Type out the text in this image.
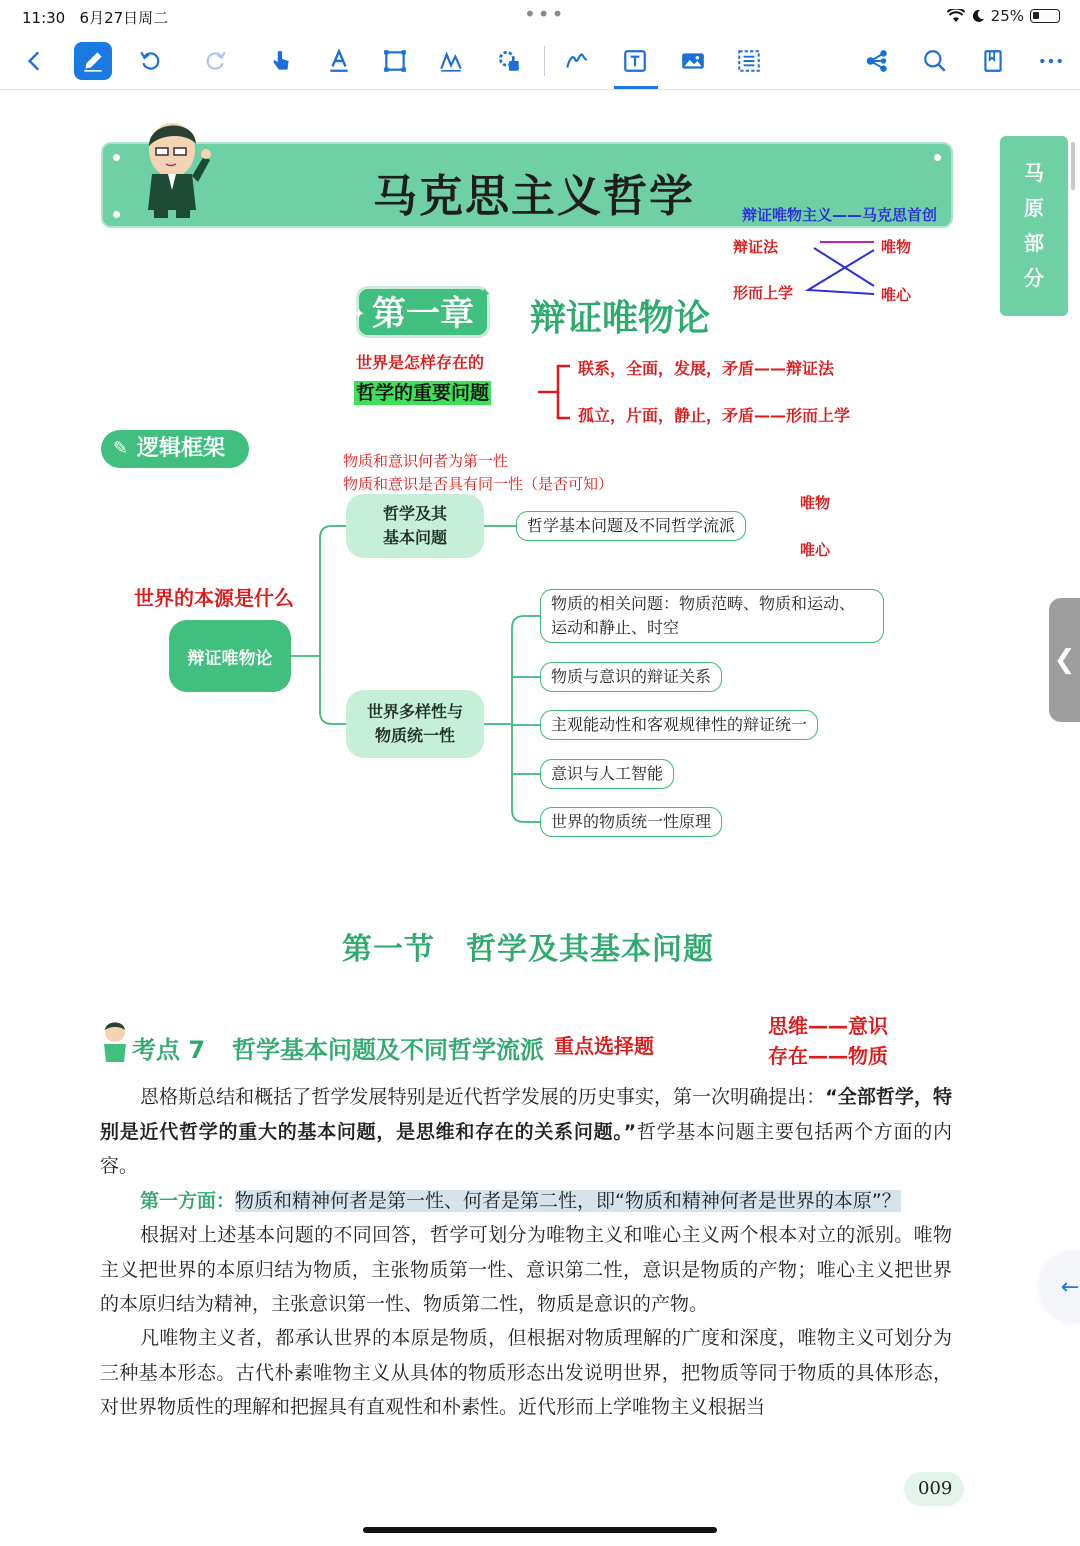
11:30 6月27日周二	•••	25%
马克思主义哲学	马
原
部
分
辩证唯物主义——马克思首创
辩证法
形而上学
唯物
唯心
第一章
✦
✦
辩证唯物论
世界是怎样存在的
哲学的重要问题
联系，全面，发展，矛盾——辩证法
孤立，片面，静止，矛盾——形而上学
✎ 逻辑框架	物质和意识何者为第一性
物质和意识是否具有同一性（是否可知）
唯物
唯心
世界的本源是什么
辩证唯物论
哲学及其
基本问题
世界多样性与
物质统一性
哲学基本问题及不同哲学流派
物质的相关问题：物质范畴、物质和运动、
运动和静止、时空
物质与意识的辩证关系
主观能动性和客观规律性的辩证统一
意识与人工智能
世界的物质统一性原理
第一节　哲学及其基本问题
考点 7 哲学基本问题及不同哲学流派 重点选择题
思维——意识
存在——物质
恩格斯总结和概括了哲学发展特别是近代哲学发展的历史事实，第一次明确提出：“全部哲学，特别是近代哲学的重大的基本问题，是思维和存在的关系问题。”哲学基本问题主要包括两个方面的内容。
第一方面：物质和精神何者是第一性、何者是第二性，即“物质和精神何者是世界的本原”？
根据对上述基本问题的不同回答，哲学可划分为唯物主义和唯心主义两个根本对立的派别。唯物主义把世界的本原归结为物质，主张物质第一性、意识第二性，意识是物质的产物；唯心主义把世界的本原归结为精神，主张意识第一性、物质第二性，物质是意识的产物。
凡唯物主义者，都承认世界的本原是物质，但根据对物质理解的广度和深度，唯物主义可划分为三种基本形态。古代朴素唯物主义从具体的物质形态出发说明世界，把物质等同于物质的具体形态，对世界物质性的理解和把握具有直观性和朴素性。近代形而上学唯物主义根据当
009
❮
←
